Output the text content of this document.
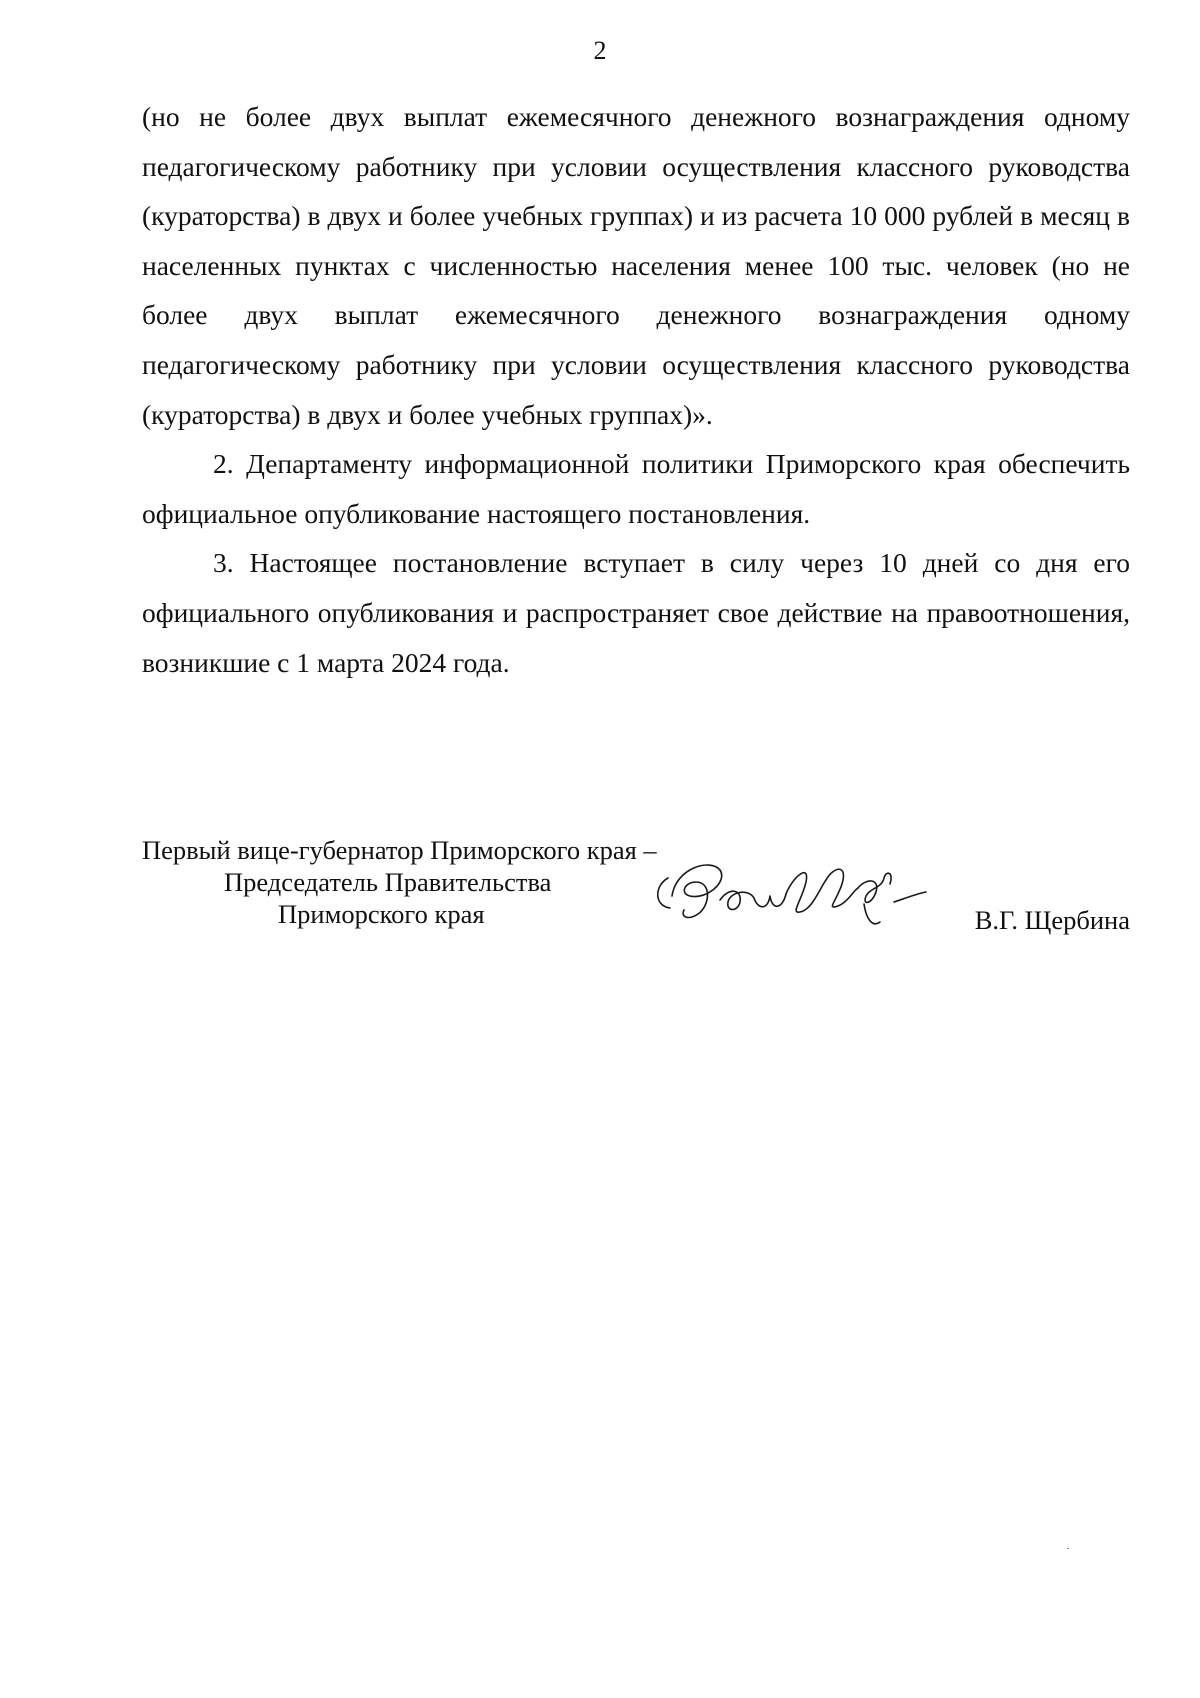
2

(но не более двух выплат ежемесячного денежного вознаграждения одному педагогическому работнику при условии осуществления классного руководства (кураторства) в двух и более учебных группах) и из расчета 10 000 рублей в месяц в населенных пунктах с численностью населения менее 100 тыс. человек (но не более двух выплат ежемесячного денежного вознаграждения одному педагогическому работнику при условии осуществления классного руководства (кураторства) в двух и более учебных группах)».

2. Департаменту информационной политики Приморского края обеспечить официальное опубликование настоящего постановления.

3. Настоящее постановление вступает в силу через 10 дней со дня его официального опубликования и распространяет свое действие на правоотношения, возникшие с 1 марта 2024 года.

Первый вице-губернатор Приморского края –
Председатель Правительства
Приморского края	В.Г. Щербина
